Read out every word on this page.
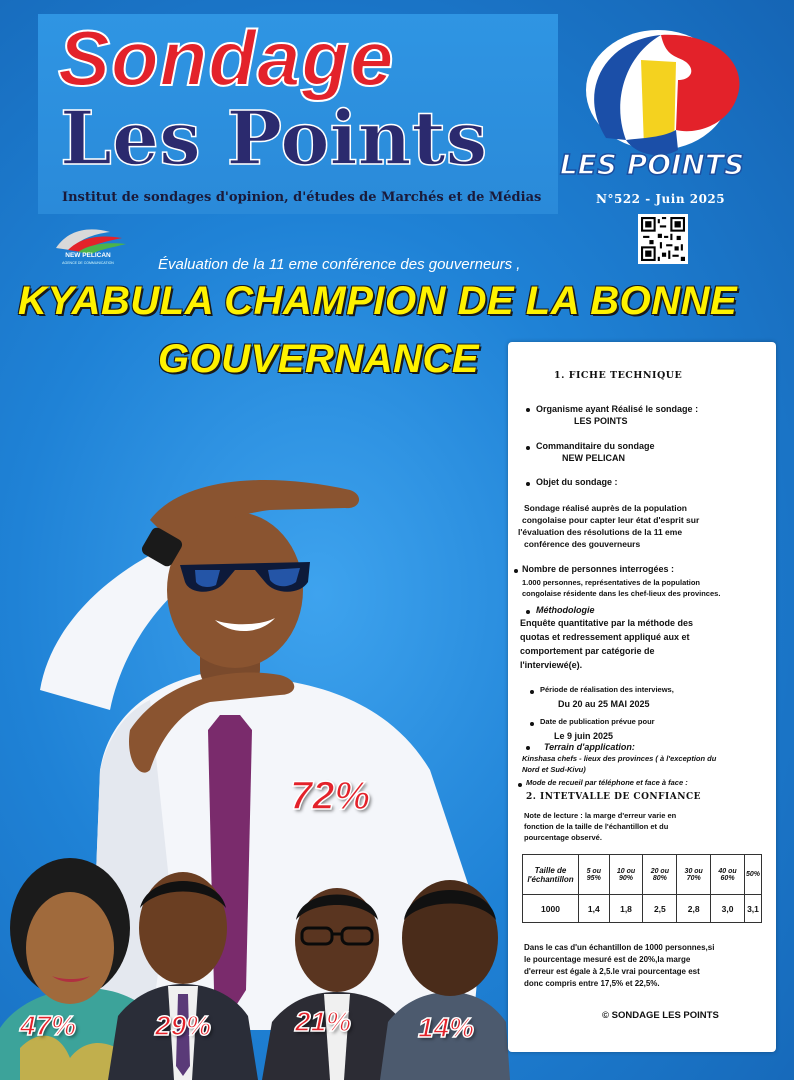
Sondage
Les Points
Institut de sondages d'opinion, d'études de Marchés et de Médias
LES POINTS
N°522 - Juin 2025
NEW PELICAN
AGENCE DE COMMUNICATION	Évaluation de la 11 eme conférence des gouverneurs ,
KYABULA CHAMPION DE LA BONNE
GOUVERNANCE
72%
47%	29%	21% 14%
1. FICHE TECHNIQUE
Organisme ayant Réalisé le sondage :
LES POINTS
Commanditaire du sondage
NEW PELICAN
Objet du sondage :
Sondage réalisé auprès de la population
congolaise pour capter leur état d'esprit sur
l'évaluation des résolutions de la 11 eme
conférence des gouverneurs
Nombre de personnes interrogées :
1.000 personnes, représentatives de la population
congolaise résidente dans les chef-lieux des provinces.
Méthodologie
Enquête quantitative par la méthode des
quotas et redressement appliqué aux et
comportement par catégorie de
l'interviewé(e).
Période de réalisation des interviews,
Du 20 au 25 MAI 2025
Date de publication prévue pour
Le 9 juin 2025
Terrain d'application:
Kinshasa chefs - lieux des provinces ( à l'exception du
Nord et Sud-Kivu)
Mode de recueil par téléphone et face à face :
2. INTETVALLE DE CONFIANCE
Note de lecture : la marge d'erreur varie en
fonction de la taille de l'échantillon et du
pourcentage observé.
Taille de l'échantillon	5 ou 95%	10 ou 90%	20 ou 80%	30 ou 70%	40 ou 60%	50%
1000	1,4	1,8	2,5	2,8	3,0	3,1
Dans le cas d'un échantillon de 1000 personnes,si
le pourcentage mesuré est de 20%,la marge
d'erreur est égale à 2,5.le vrai pourcentage est
donc compris entre 17,5% et 22,5%.
© SONDAGE LES POINTS
